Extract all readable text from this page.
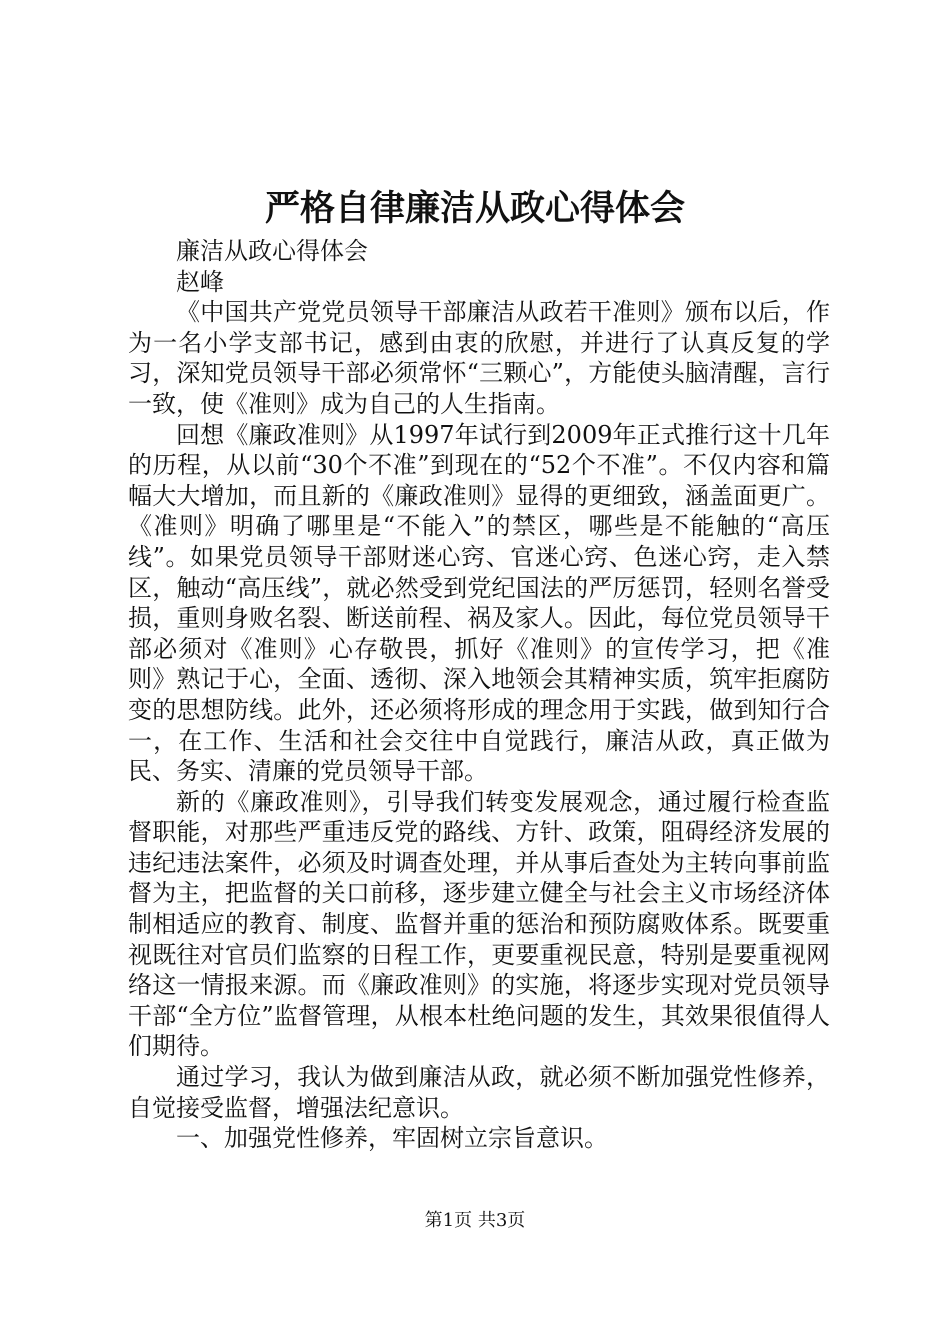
严格自律廉洁从政心得体会

廉洁从政心得体会

赵峰

《中国共产党党员领导干部廉洁从政若干准则》颁布以后，作为一名小学支部书记，感到由衷的欣慰，并进行了认真反复的学习，深知党员领导干部必须常怀“三颗心”，方能使头脑清醒，言行一致，使《准则》成为自己的人生指南。

回想《廉政准则》从1997年试行到2009年正式推行这十几年的历程，从以前“30个不准”到现在的“52个不准”。不仅内容和篇幅大大增加，而且新的《廉政准则》显得的更细致，涵盖面更广。《准则》明确了哪里是“不能入”的禁区，哪些是不能触的“高压线”。如果党员领导干部财迷心窍、官迷心窍、色迷心窍，走入禁区，触动“高压线”，就必然受到党纪国法的严厉惩罚，轻则名誉受损，重则身败名裂、断送前程、祸及家人。因此，每位党员领导干部必须对《准则》心存敬畏，抓好《准则》的宣传学习，把《准则》熟记于心，全面、透彻、深入地领会其精神实质，筑牢拒腐防变的思想防线。此外，还必须将形成的理念用于实践，做到知行合一，在工作、生活和社会交往中自觉践行，廉洁从政，真正做为民、务实、清廉的党员领导干部。

新的《廉政准则》，引导我们转变发展观念，通过履行检查监督职能，对那些严重违反党的路线、方针、政策，阻碍经济发展的违纪违法案件，必须及时调查处理，并从事后查处为主转向事前监督为主，把监督的关口前移，逐步建立健全与社会主义市场经济体制相适应的教育、制度、监督并重的惩治和预防腐败体系。既要重视既往对官员们监察的日程工作，更要重视民意，特别是要重视网络这一情报来源。而《廉政准则》的实施，将逐步实现对党员领导干部“全方位”监督管理，从根本杜绝问题的发生，其效果很值得人们期待。

通过学习，我认为做到廉洁从政，就必须不断加强党性修养，自觉接受监督，增强法纪意识。

一、加强党性修养，牢固树立宗旨意识。

第1页 共3页
